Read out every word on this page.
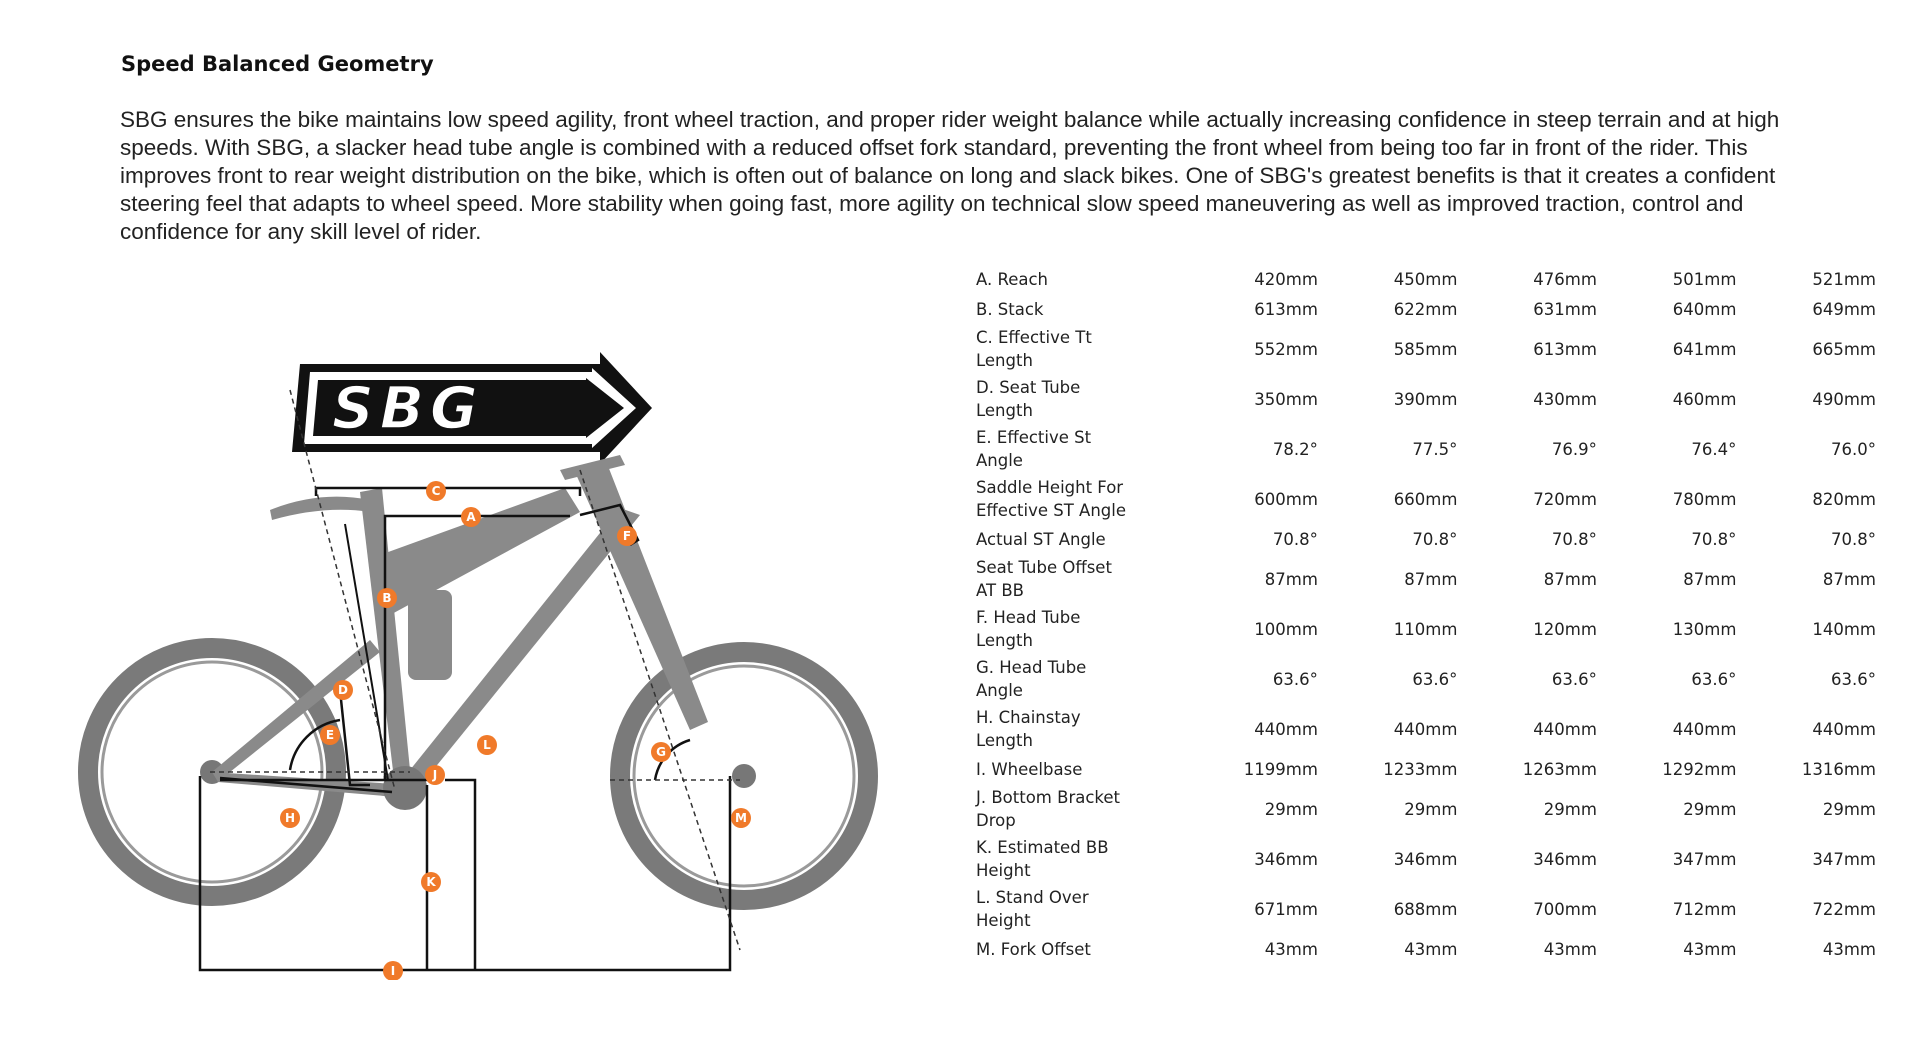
Speed Balanced Geometry
SBG ensures the bike maintains low speed agility, front wheel traction, and proper rider weight balance while actually increasing confidence in steep terrain and at high speeds. With SBG, a slacker head tube angle is combined with a reduced offset fork standard, preventing the front wheel from being too far in front of the rider. This improves front to rear weight distribution on the bike, which is often out of balance on long and slack bikes. One of SBG's greatest benefits is that it creates a confident steering feel that adapts to wheel speed. More stability when going fast, more agility on technical slow speed maneuvering as well as improved traction, control and confidence for any skill level of rider.
SBG
SPEED BALANCED GEOMETRY
A
B
C
D
E
F
G
H
I
J
K
L
M
A. Reach	420mm	450mm	476mm	501mm	521mm
B. Stack	613mm	622mm	631mm	640mm	649mm
C. Effective Tt
Length	552mm	585mm	613mm	641mm	665mm
D. Seat Tube
Length	350mm	390mm	430mm	460mm	490mm
E. Effective St
Angle	78.2°	77.5°	76.9°	76.4°	76.0°

Saddle Height For
Effective ST Angle	600mm	660mm	720mm	780mm	820mm
Actual ST Angle	70.8°	70.8°	70.8°	70.8°	70.8°
Seat Tube Offset
AT BB	87mm	87mm	87mm	87mm	87mm
F. Head Tube
Length	100mm	110mm	120mm	130mm	140mm
G. Head Tube
Angle	63.6°	63.6°	63.6°	63.6°	63.6°
H. Chainstay
Length	440mm	440mm	440mm	440mm	440mm
I. Wheelbase	1199mm	1233mm	1263mm	1292mm	1316mm
J. Bottom Bracket
Drop	29mm	29mm	29mm	29mm	29mm
K. Estimated BB
Height	346mm	346mm	346mm	347mm	347mm
L. Stand Over
Height	671mm	688mm	700mm	712mm	722mm
M. Fork Offset	43mm	43mm	43mm	43mm	43mm
